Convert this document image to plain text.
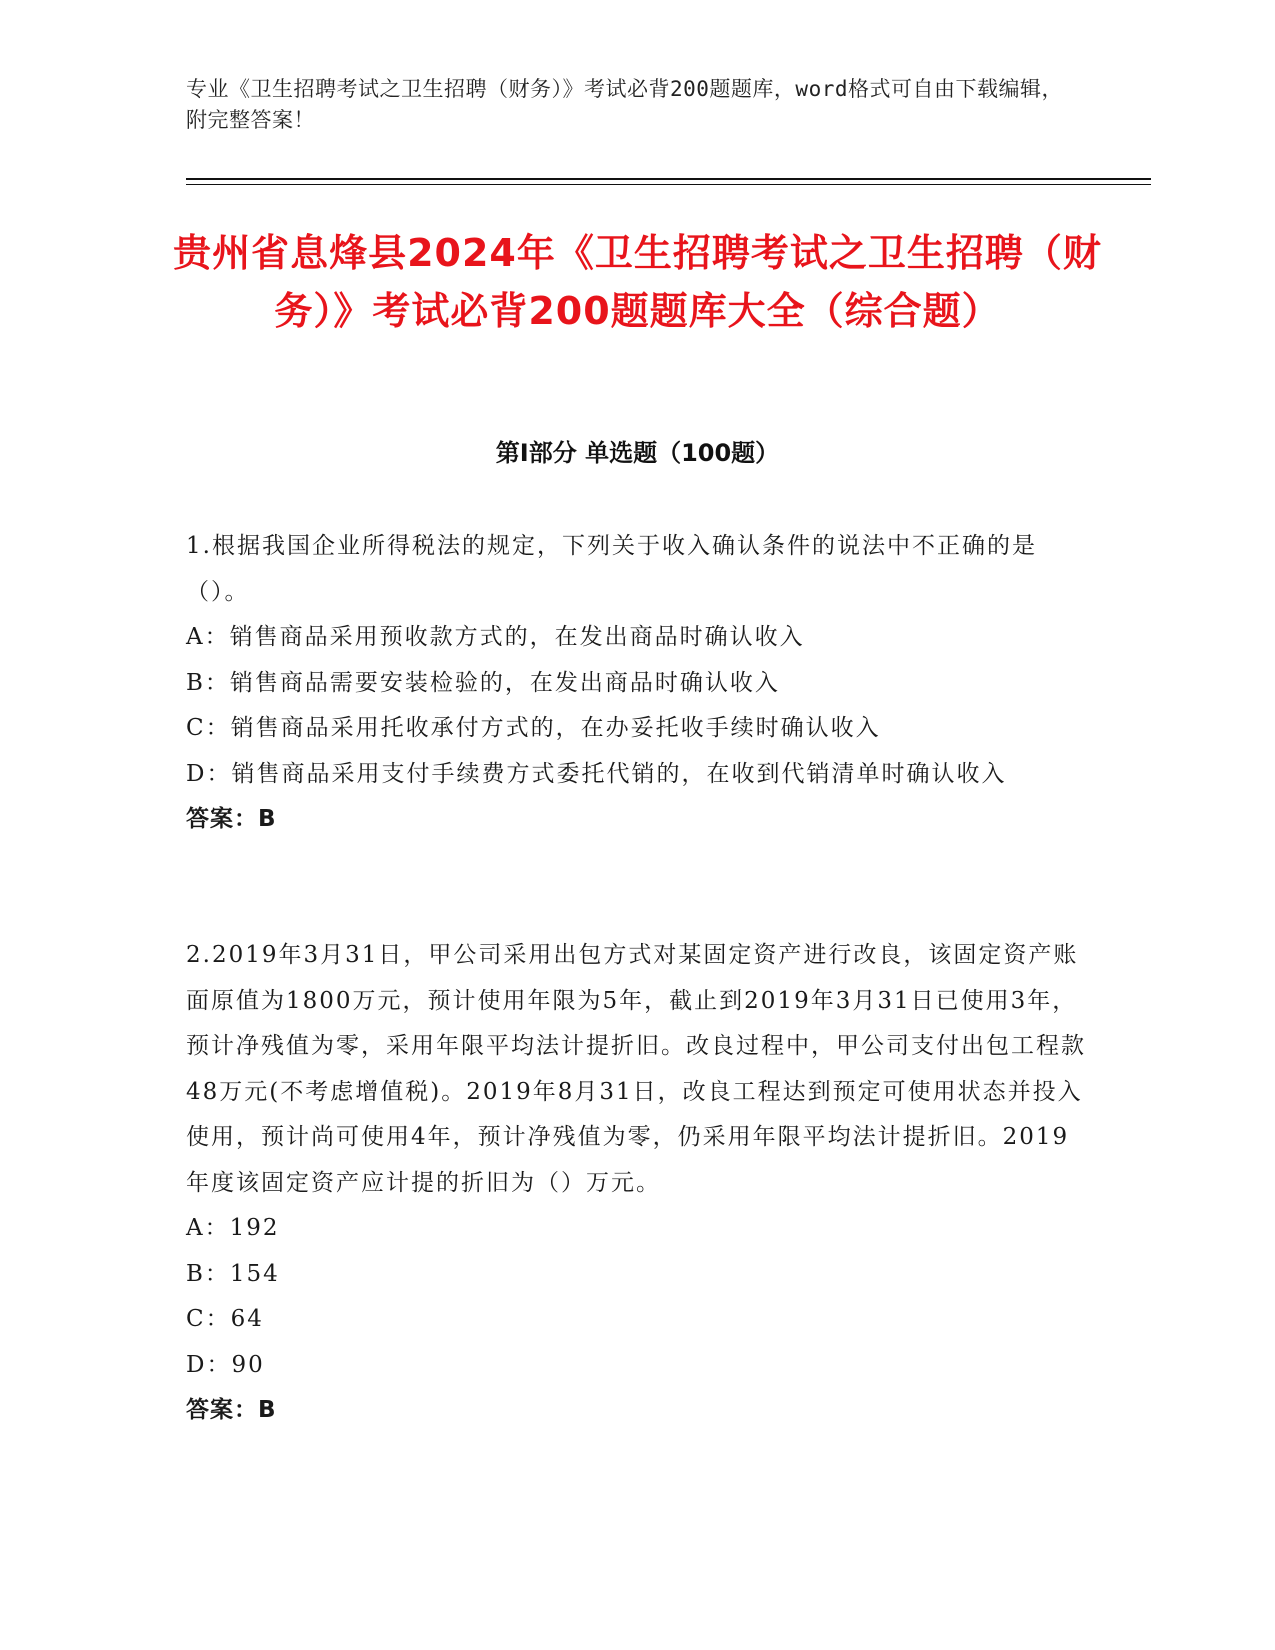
专业《卫生招聘考试之卫生招聘（财务）》考试必背200题题库，word格式可自由下载编辑，附完整答案！
贵州省息烽县2024年《卫生招聘考试之卫生招聘（财务）》考试必背200题题库大全（综合题）
第I部分 单选题（100题）
1.根据我国企业所得税法的规定，下列关于收入确认条件的说法中不正确的是（）。
A：销售商品采用预收款方式的，在发出商品时确认收入
B：销售商品需要安装检验的，在发出商品时确认收入
C：销售商品采用托收承付方式的，在办妥托收手续时确认收入
D：销售商品采用支付手续费方式委托代销的，在收到代销清单时确认收入
答案：B
2.2019年3月31日，甲公司采用出包方式对某固定资产进行改良，该固定资产账面原值为1800万元，预计使用年限为5年，截止到2019年3月31日已使用3年，预计净残值为零，采用年限平均法计提折旧。改良过程中，甲公司支付出包工程款48万元(不考虑增值税)。2019年8月31日，改良工程达到预定可使用状态并投入使用，预计尚可使用4年，预计净残值为零，仍采用年限平均法计提折旧。2019年度该固定资产应计提的折旧为（）万元。
A：192
B：154
C：64
D：90
答案：B
